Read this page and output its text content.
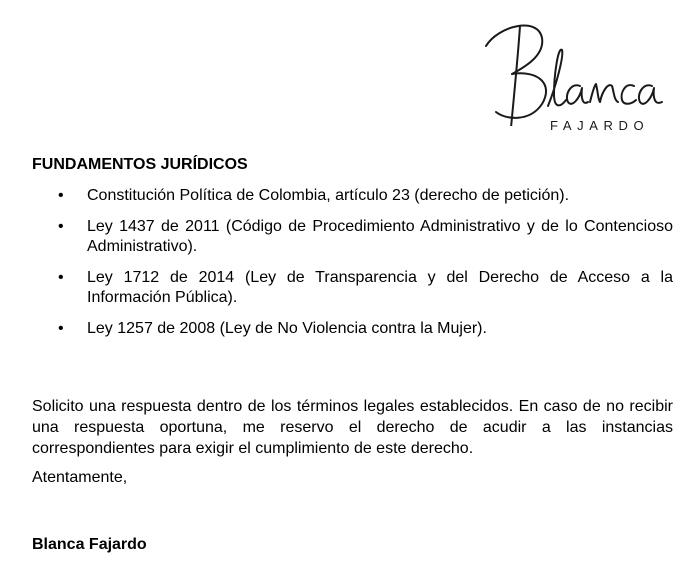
FAJARDO
FUNDAMENTOS JURÍDICOS
• Constitución Política de Colombia, artículo 23 (derecho de petición).
• Ley 1437 de 2011 (Código de Procedimiento Administrativo y de lo Contencioso Administrativo).
• Ley 1712 de 2014 (Ley de Transparencia y del Derecho de Acceso a la Información Pública).
• Ley 1257 de 2008 (Ley de No Violencia contra la Mujer).

Solicito una respuesta dentro de los términos legales establecidos. En caso de no recibir una respuesta oportuna, me reservo el derecho de acudir a las instancias correspondientes para exigir el cumplimiento de este derecho.

Atentamente,
Blanca Fajardo
